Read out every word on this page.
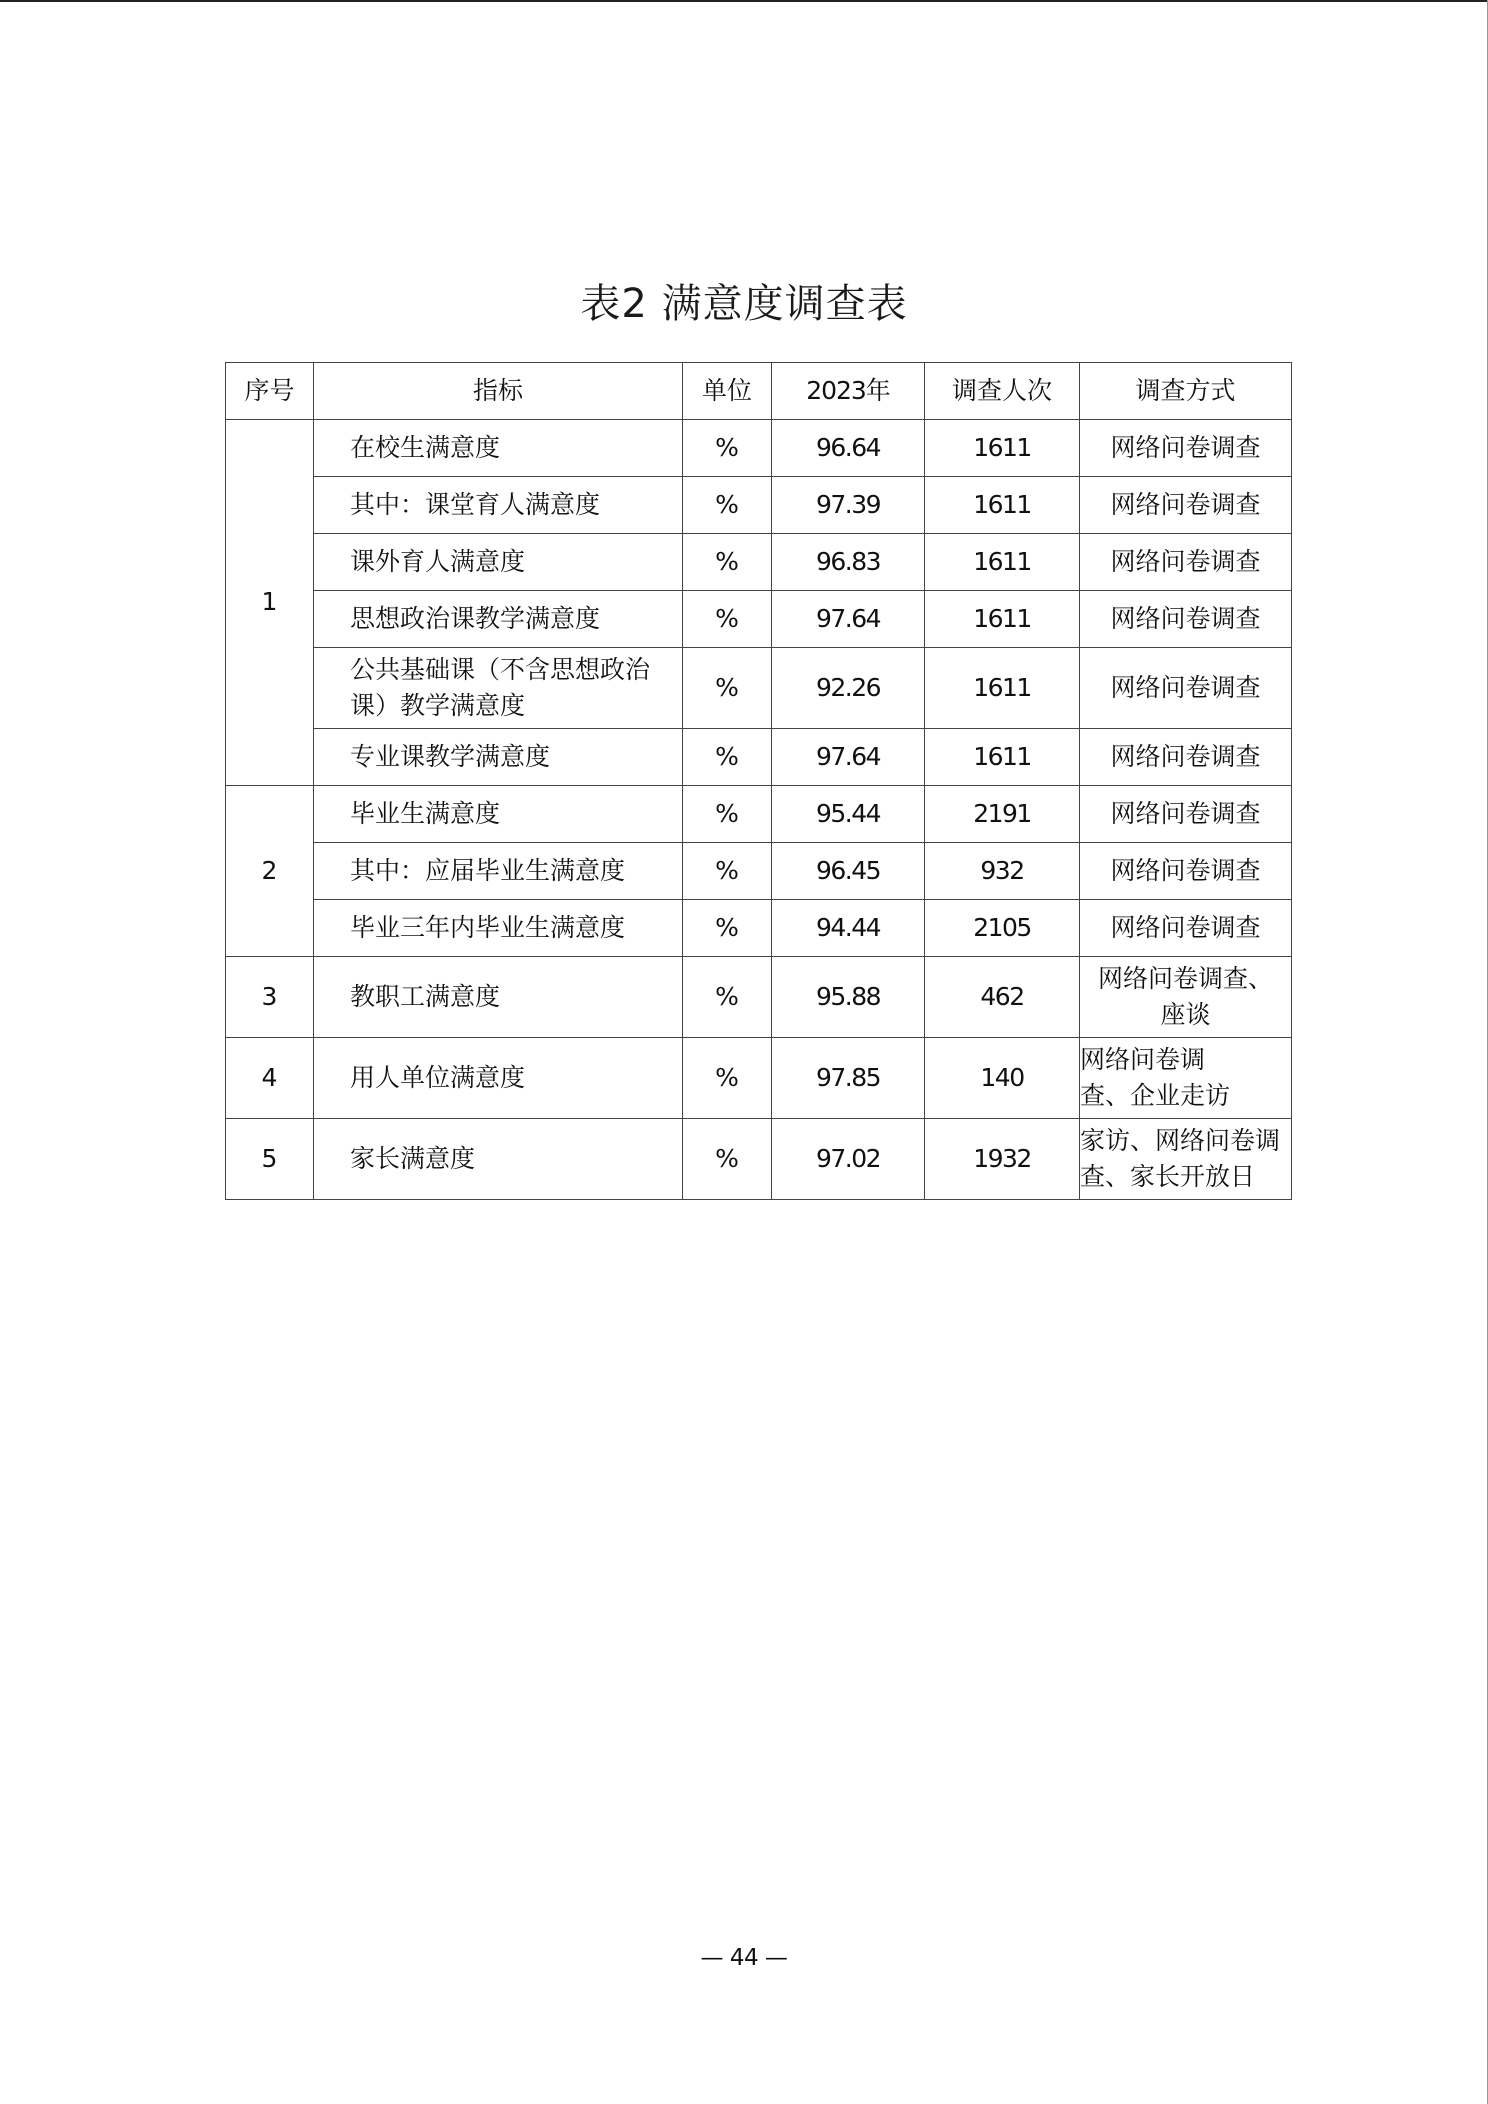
表2 满意度调查表
序号	指标	单位	2023年	调查人次	调查方式
1	在校生满意度	%	96.64	1611	网络问卷调查
	其中：课堂育人满意度	%	97.39	1611	网络问卷调查
	课外育人满意度	%	96.83	1611	网络问卷调查
	思想政治课教学满意度	%	97.64	1611	网络问卷调查
	公共基础课（不含思想政治课）教学满意度	%	92.26	1611	网络问卷调查
	专业课教学满意度	%	97.64	1611	网络问卷调查
2	毕业生满意度	%	95.44	2191	网络问卷调查
	其中：应届毕业生满意度	%	96.45	932	网络问卷调查
	毕业三年内毕业生满意度	%	94.44	2105	网络问卷调查
3	教职工满意度	%	95.88	462	网络问卷调查、座谈
4	用人单位满意度	%	97.85	140	网络问卷调查、企业走访
5	家长满意度	%	97.02	1932	家访、网络问卷调查、家长开放日
— 44 —
